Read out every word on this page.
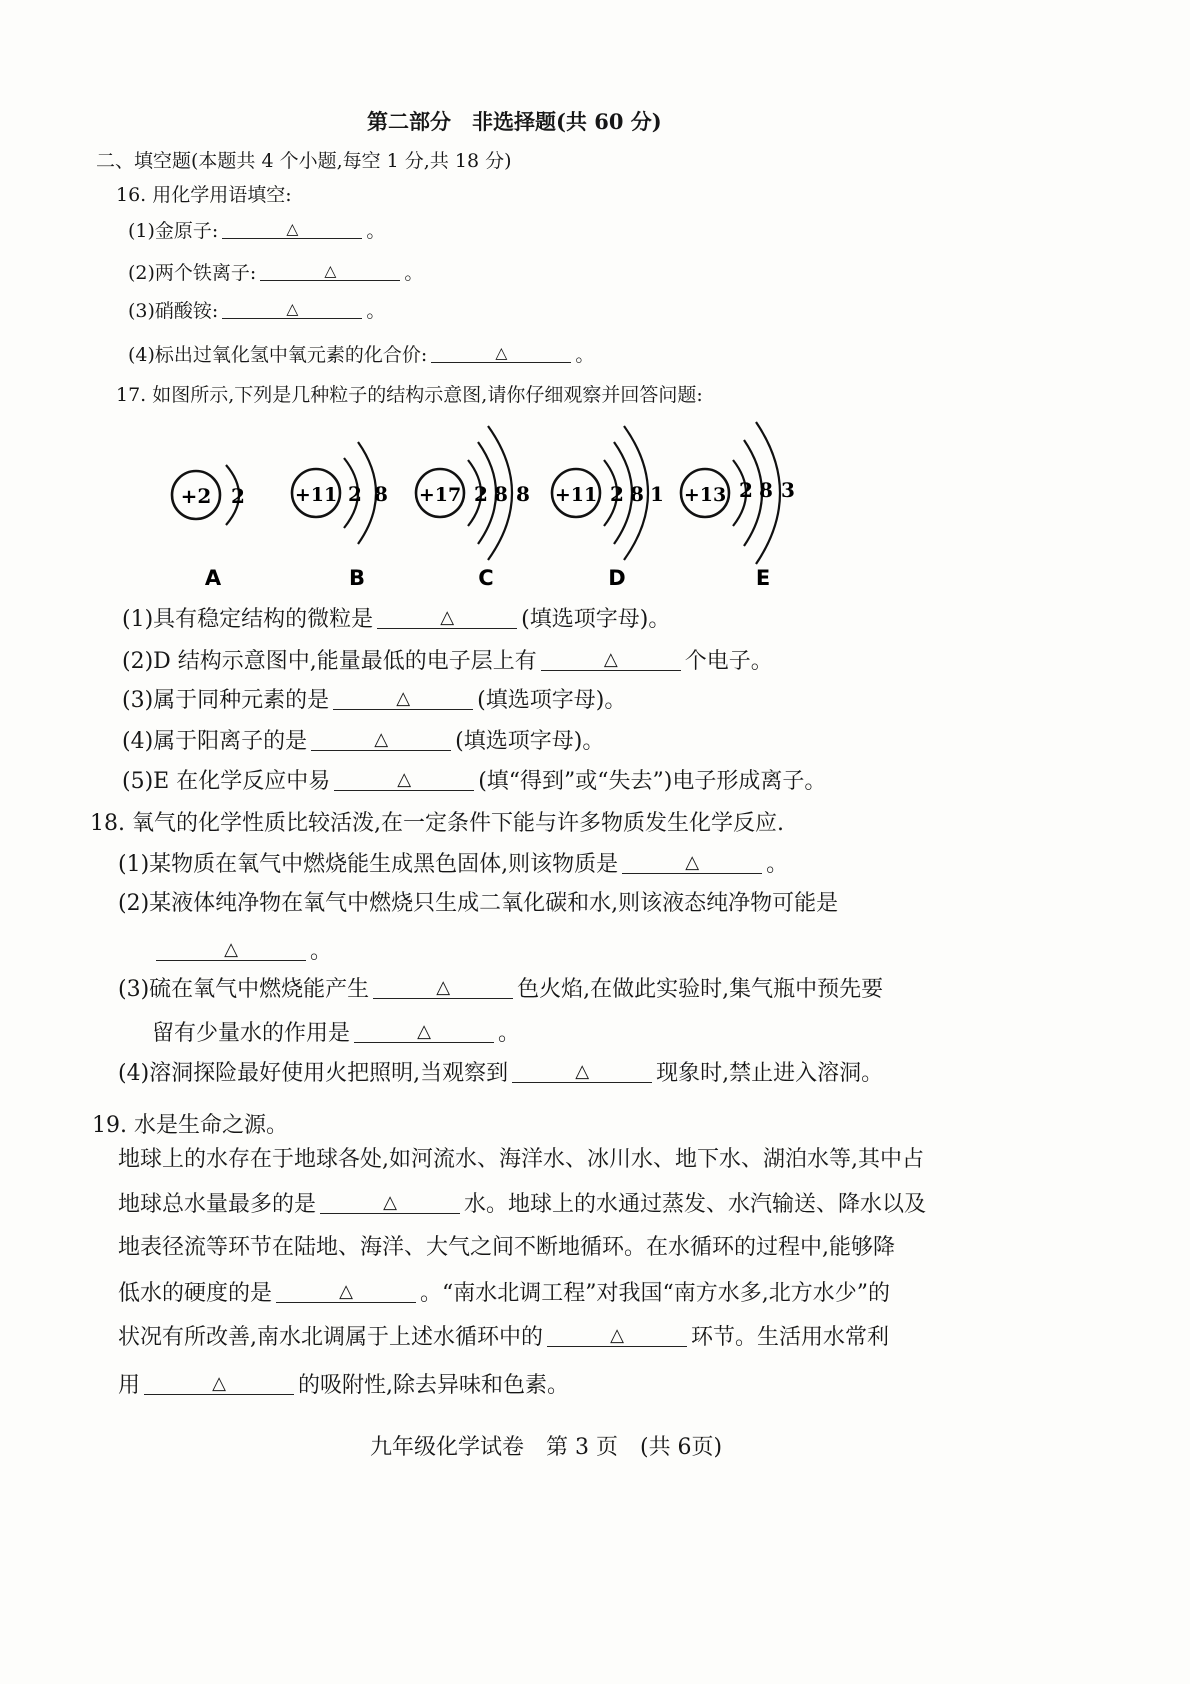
第二部分　非选择题(共 60 分)
二、填空题(本题共 4 个小题,每空 1 分,共 18 分)
16. 用化学用语填空:
(1)金原子:	△	。
(2)两个铁离子:	△	。
(3)硝酸铵:	△	。
(4)标出过氧化氢中氧元素的化合价:	△	。
17. 如图所示,下列是几种粒子的结构示意图,请你仔细观察并回答问题:
+2 2
A
+11 2 8
B
+17 2 8 8
C
+11 2 8 1
D
+13 2 8 3
E
(1)具有稳定结构的微粒是	△	(填选项字母)。
(2)D 结构示意图中,能量最低的电子层上有	△	个电子。
(3)属于同种元素的是	△	(填选项字母)。
(4)属于阳离子的是	△	(填选项字母)。
(5)E 在化学反应中易	△	(填“得到”或“失去”)电子形成离子。
18. 氧气的化学性质比较活泼,在一定条件下能与许多物质发生化学反应.
(1)某物质在氧气中燃烧能生成黑色固体,则该物质是	△	。
(2)某液体纯净物在氧气中燃烧只生成二氧化碳和水,则该液态纯净物可能是
△	。
(3)硫在氧气中燃烧能产生	△	色火焰,在做此实验时,集气瓶中预先要
留有少量水的作用是	△	。
(4)溶洞探险最好使用火把照明,当观察到	△	现象时,禁止进入溶洞。
19. 水是生命之源。
地球上的水存在于地球各处,如河流水、海洋水、冰川水、地下水、湖泊水等,其中占
地球总水量最多的是	△	水。地球上的水通过蒸发、水汽输送、降水以及
地表径流等环节在陆地、海洋、大气之间不断地循环。在水循环的过程中,能够降
低水的硬度的是	△	。“南水北调工程”对我国“南方水多,北方水少”的
状况有所改善,南水北调属于上述水循环中的	△	环节。生活用水常利
用	△	的吸附性,除去异味和色素。
九年级化学试卷　第 3 页　(共 6页)
